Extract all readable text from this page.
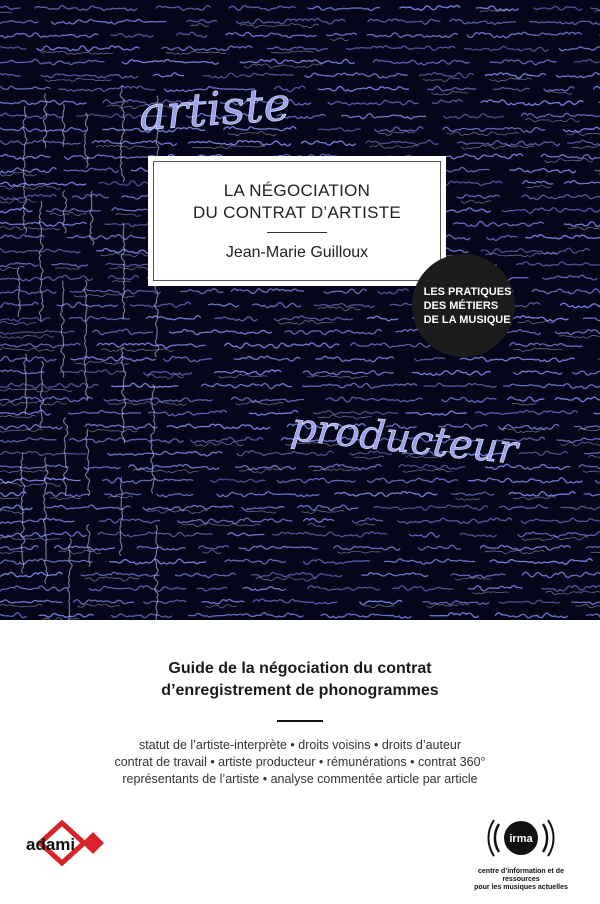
artiste
producteur
LA NÉGOCIATION
DU CONTRAT D’ARTISTE
Jean-Marie Guilloux
LES PRATIQUES
DES MÉTIERS
DE LA MUSIQUE
Guide de la négociation du contrat
d’enregistrement de phonogrammes
statut de l’artiste-interprète • droits voisins • droits d’auteur
contrat de travail • artiste producteur • rémunérations • contrat 360°
représentants de l’artiste • analyse commentée article par article
adami	irma
centre d’information et de ressources
pour les musiques actuelles
